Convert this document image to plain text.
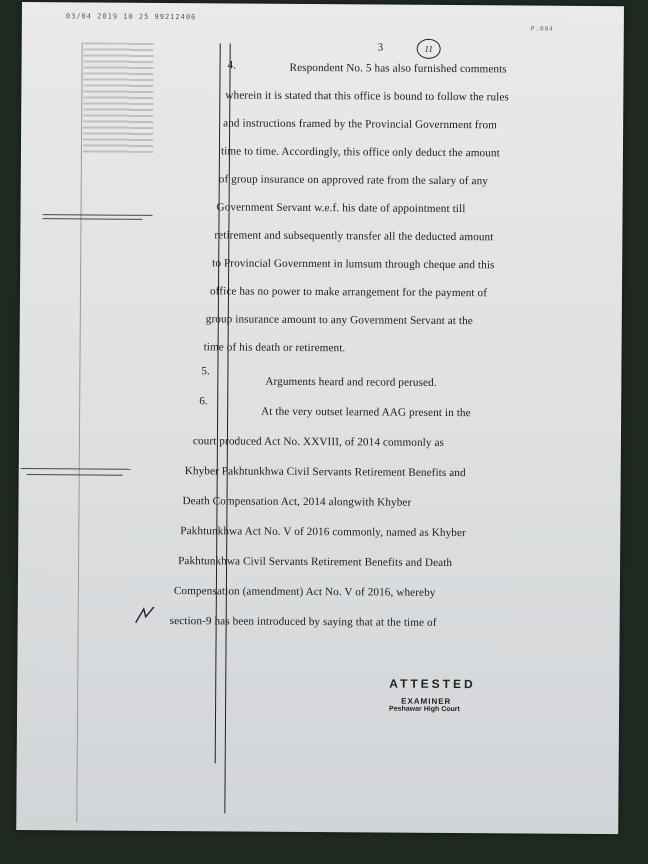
03/04 2019 10 25 99212406
P.004
3	11
4.	Respondent No. 5 has also furnished comments
wherein it is stated that this office is bound to follow the rules
and instructions framed by the Provincial Government from
time to time. Accordingly, this office only deduct the amount
of group insurance on approved rate from the salary of any
Government Servant w.e.f. his date of appointment till
retirement and subsequently transfer all the deducted amount
to Provincial Government in lumsum through cheque and this
office has no power to make arrangement for the payment of
group insurance amount to any Government Servant at the
time of his death or retirement.
5.
Arguments heard and record perused.
6.
At the very outset learned AAG present in the
court produced Act No. XXVIII, of 2014 commonly as
Khyber Pakhtunkhwa Civil Servants Retirement Benefits and
Death Compensation Act, 2014 alongwith Khyber
Pakhtunkhwa Act No. V of 2016 commonly, named as Khyber
Pakhtunkhwa Civil Servants Retirement Benefits and Death
Compensation (amendment) Act No. V of 2016, whereby
section-9 has been introduced by saying that at the time of
ATTESTED
EXAMINER
Peshawar High Court
